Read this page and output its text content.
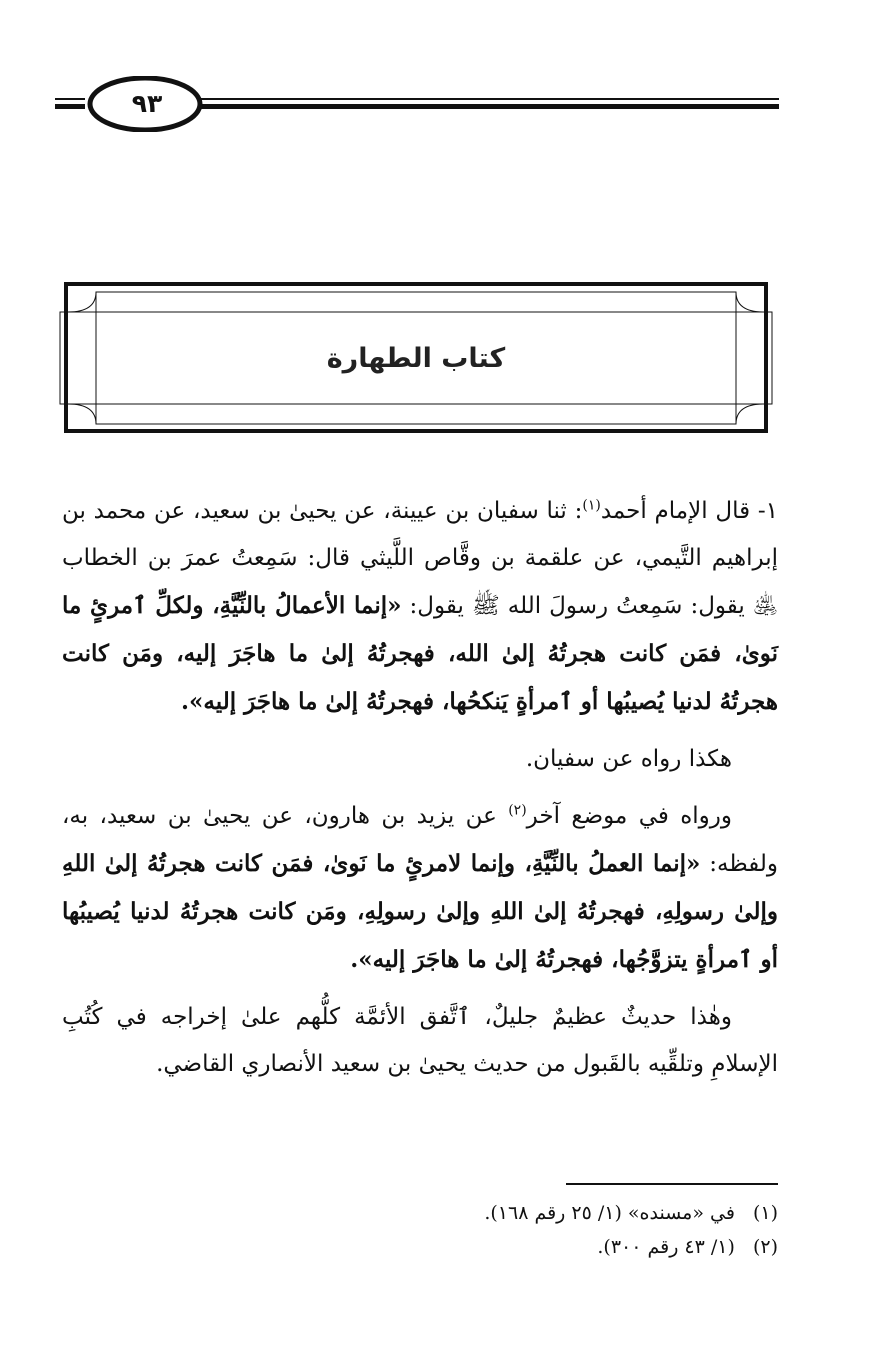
٩٣
كتاب الطهارة

١- قال الإمام أحمد$^{(١)}$: ثنا سفيان بن عيينة، عن يحيىٰ بن سعيد، عن محمد بن إبراهيم التَّيمي، عن علقمة بن وقَّاص اللَّيثي قال: سَمِعتُ عمرَ بن الخطاب ﵁ يقول: سَمِعتُ رسولَ الله ﷺ يقول: «إنما الأعمالُ بالنِّيَّةِ، ولكلِّ ٱمرئٍ ما نَوىٰ، فمَن كانت هجرتُهُ إلىٰ الله، فهجرتُهُ إلىٰ ما هاجَرَ إليه، ومَن كانت هجرتُهُ لدنيا يُصيبُها أو ٱمرأةٍ يَنكحُها، فهجرتُهُ إلىٰ ما هاجَرَ إليه».

هكذا رواه عن سفيان.

ورواه في موضع آخر$^{(٢)}$ عن يزيد بن هارون، عن يحيىٰ بن سعيد، به، ولفظه: «إنما العملُ بالنِّيَّةِ، وإنما لامرئٍ ما نَوىٰ، فمَن كانت هجرتُهُ إلىٰ اللهِ وإلىٰ رسولِهِ، فهجرتُهُ إلىٰ اللهِ وإلىٰ رسولِهِ، ومَن كانت هجرتُهُ لدنيا يُصيبُها أو ٱمرأةٍ يتزوَّجُها، فهجرتُهُ إلىٰ ما هاجَرَ إليه».

وهٰذا حديثٌ عظيمٌ جليلٌ، ٱتَّفق الأئمَّة كلُّهم علىٰ إخراجه في كُتُبِ الإسلامِ وتلقِّيه بالقَبول من حديث يحيىٰ بن سعيد الأنصاري القاضي.

(١)في «مسنده» (١/ ٢٥ رقم ١٦٨).
(٢)(١/ ٤٣ رقم ٣٠٠).
